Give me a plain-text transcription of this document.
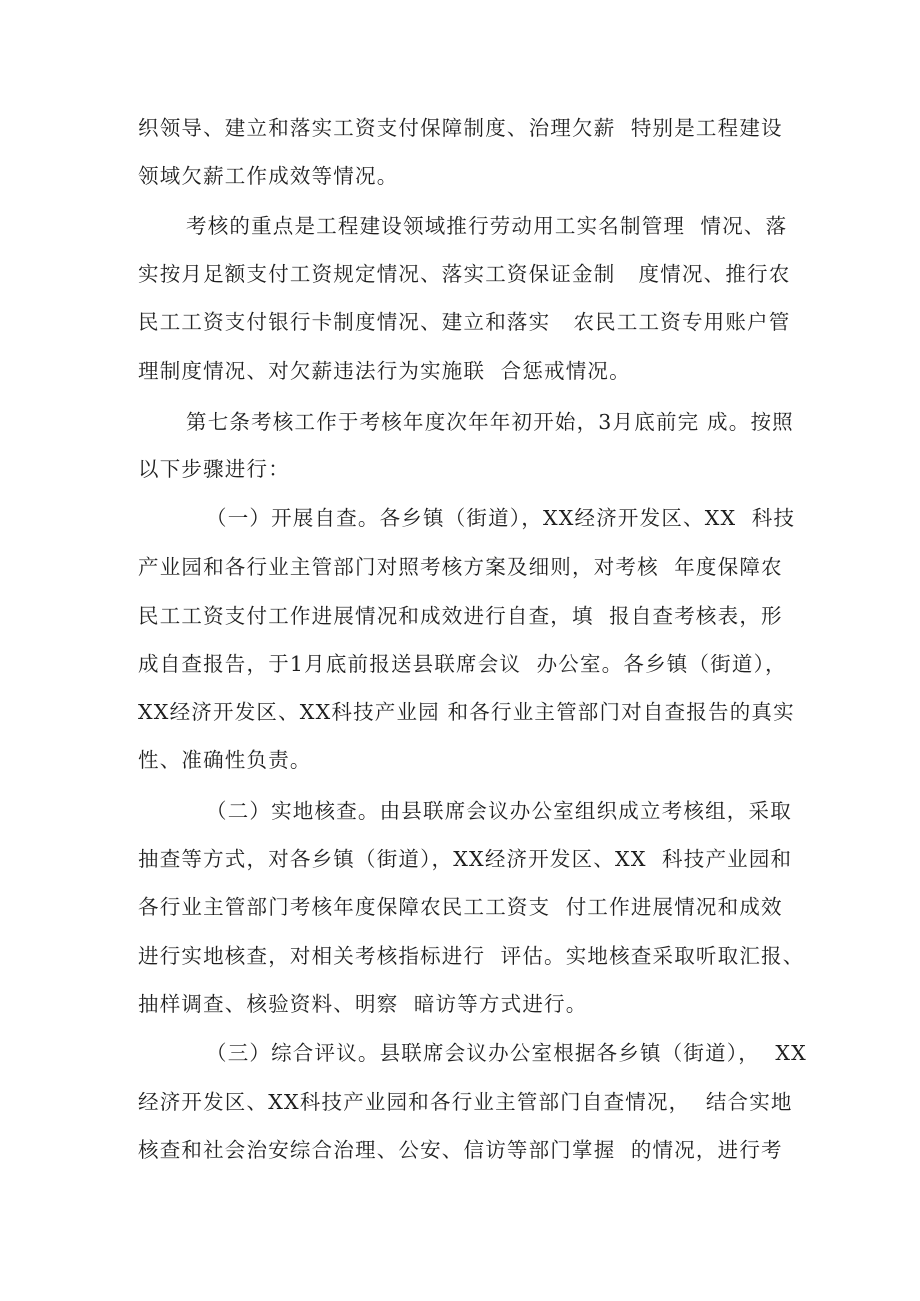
织领导、建立和落实工资支付保障制度、治理欠薪  特别是工程建设
领域欠薪工作成效等情况。
考核的重点是工程建设领域推行劳动用工实名制管理  情况、落
实按月足额支付工资规定情况、落实工资保证金制   度情况、推行农
民工工资支付银行卡制度情况、建立和落实   农民工工资专用账户管
理制度情况、对欠薪违法行为实施联  合惩戒情况。
第七条考核工作于考核年度次年年初开始，3月底前完 成。按照
以下步骤进行：
（一）开展自查。各乡镇（街道），XX经济开发区、XX  科技
产业园和各行业主管部门对照考核方案及细则，对考核  年度保障农
民工工资支付工作进展情况和成效进行自查，填  报自查考核表，形
成自查报告，于1月底前报送县联席会议  办公室。各乡镇（街道），
XX经济开发区、XX科技产业园 和各行业主管部门对自查报告的真实
性、准确性负责。
（二）实地核查。由县联席会议办公室组织成立考核组，采取
抽查等方式，对各乡镇（街道），XX经济开发区、XX  科技产业园和
各行业主管部门考核年度保障农民工工资支  付工作进展情况和成效
进行实地核查，对相关考核指标进行  评估。实地核查采取听取汇报、
抽样调查、核验资料、明察  暗访等方式进行。
（三）综合评议。县联席会议办公室根据各乡镇（街道），  XX
经济开发区、XX科技产业园和各行业主管部门自查情况，  结合实地
核查和社会治安综合治理、公安、信访等部门掌握  的情况，进行考
